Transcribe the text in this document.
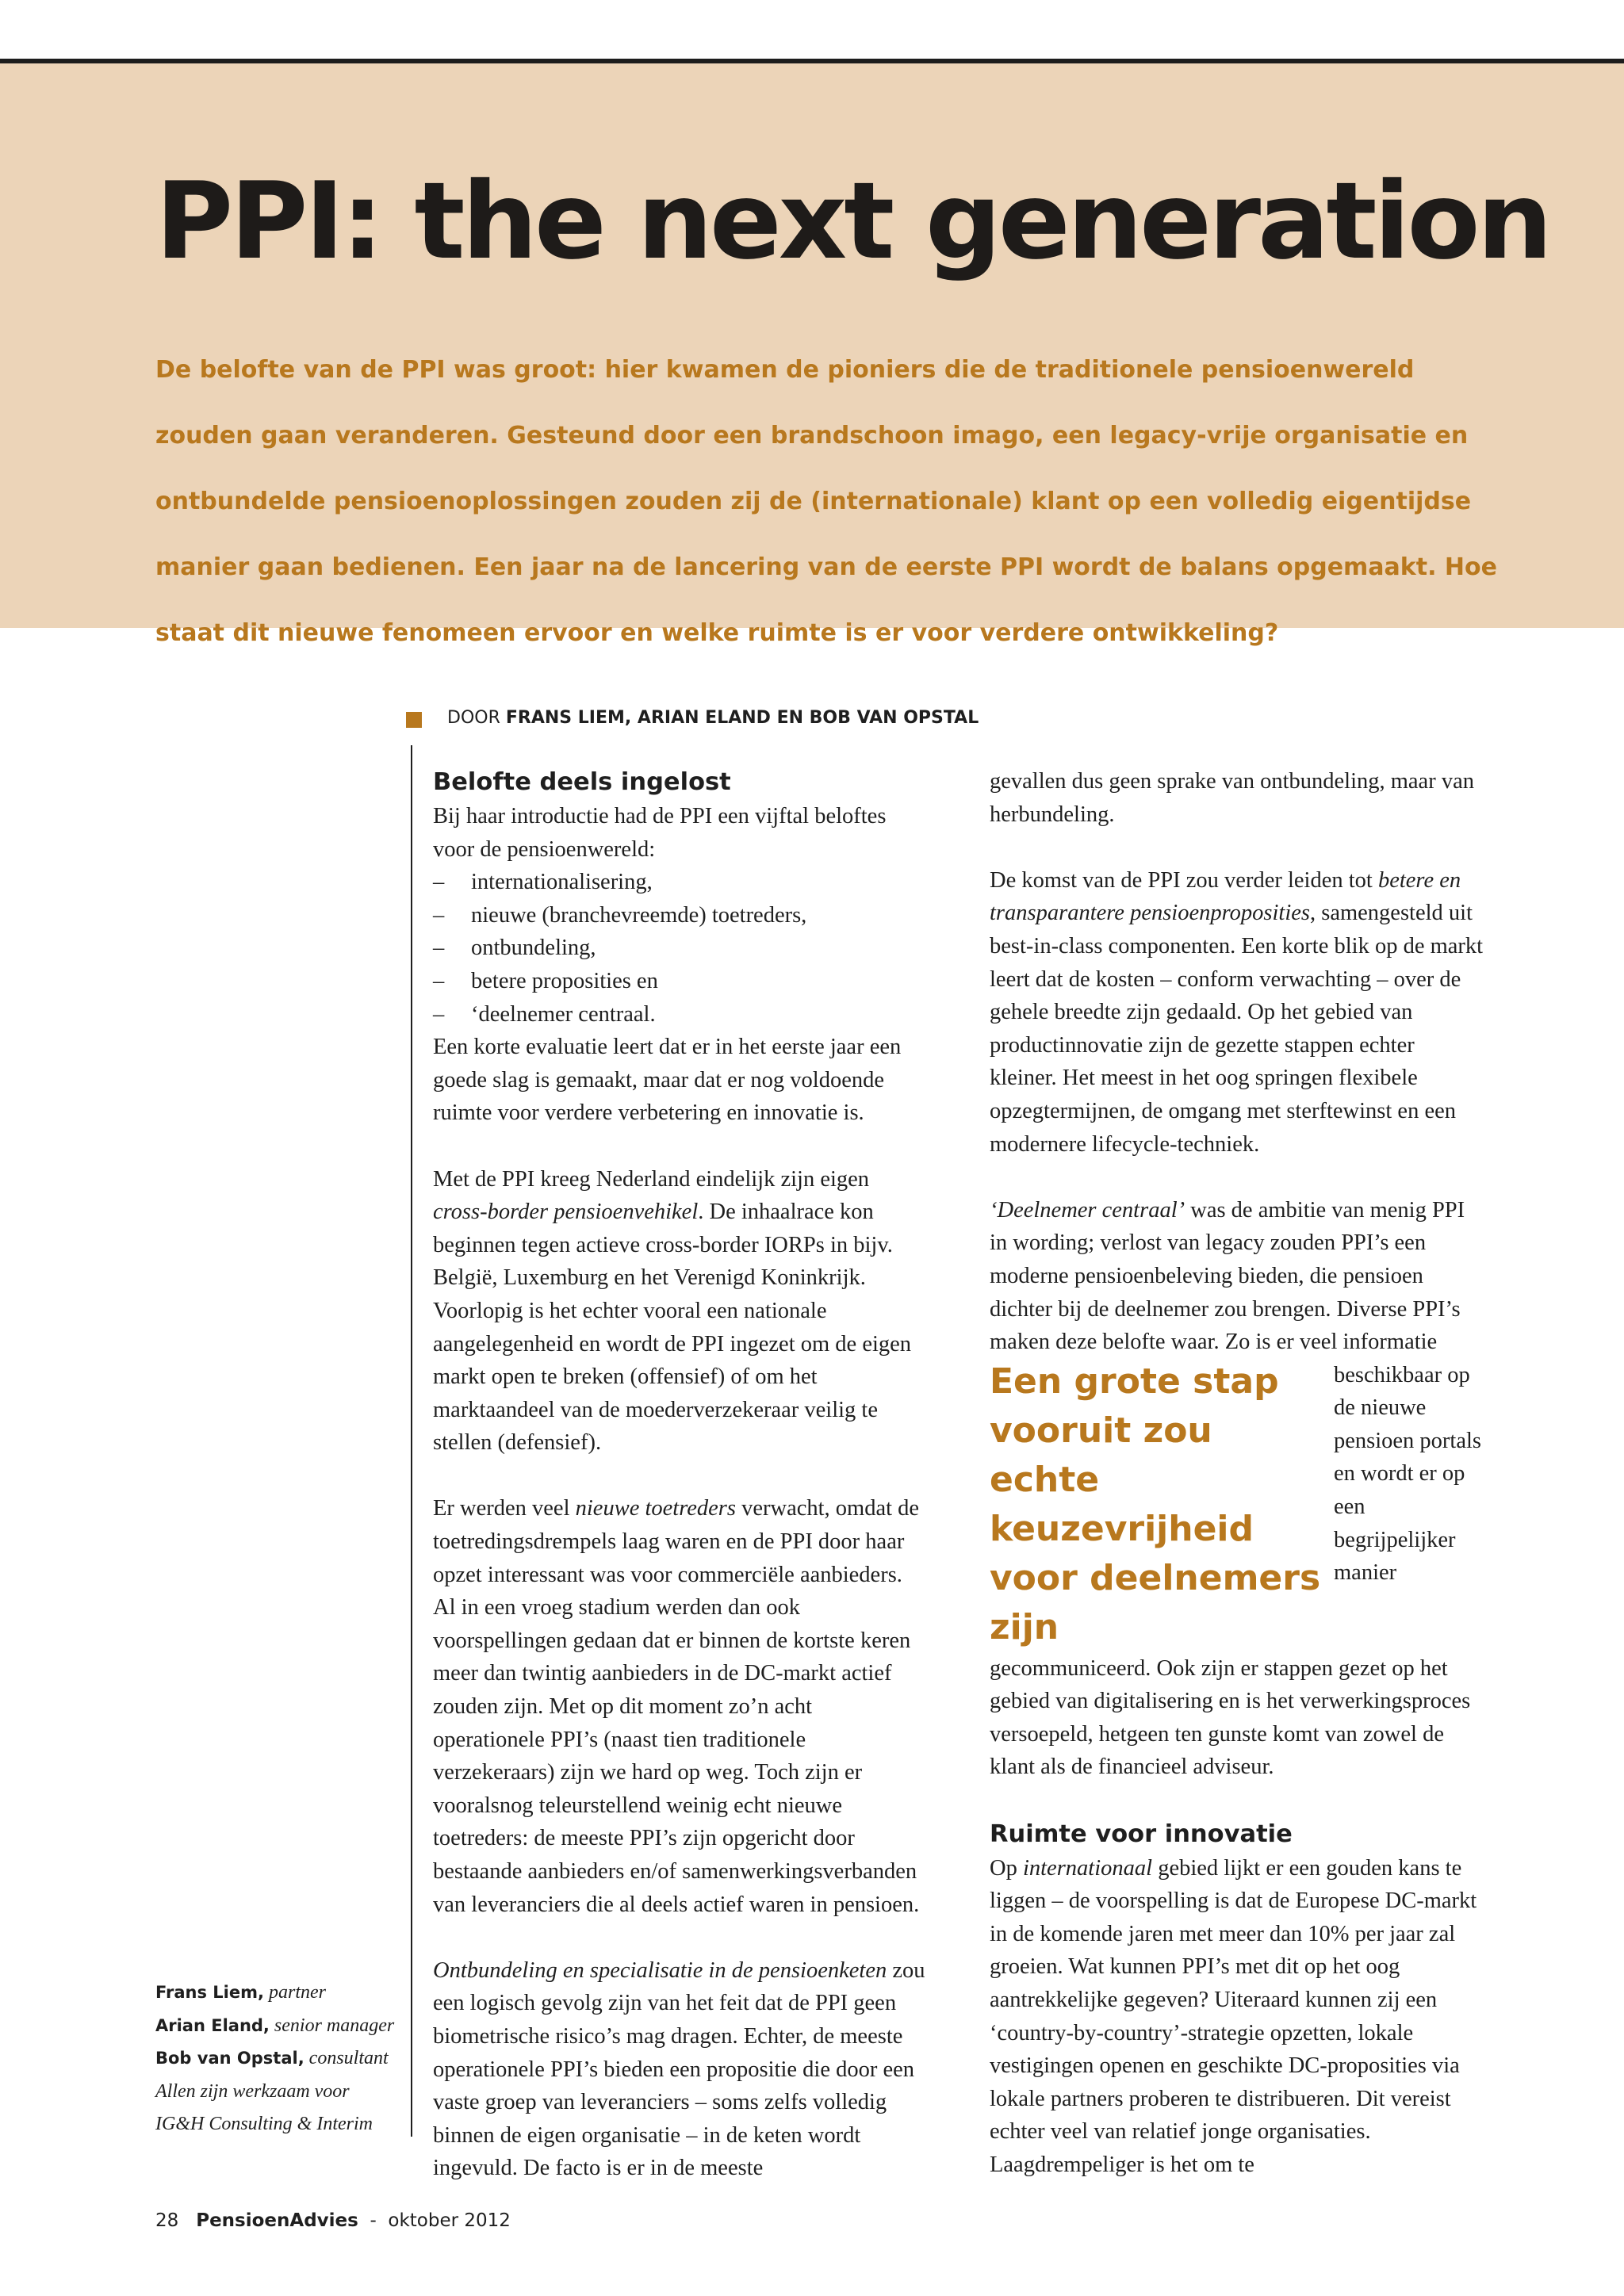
PPI: the next generation

De belofte van de PPI was groot: hier kwamen de pioniers die de traditionele pensioenwereld zouden gaan veranderen. Gesteund door een brandschoon imago, een legacy-vrije organisatie en ontbundelde pensioenoplossingen zouden zij de (internationale) klant op een volledig eigentijdse manier gaan bedienen. Een jaar na de lancering van de eerste PPI wordt de balans opgemaakt. Hoe staat dit nieuwe fenomeen ervoor en welke ruimte is er voor verdere ontwikkeling?

DOOR FRANS LIEM, ARIAN ELAND EN BOB VAN OPSTAL

Belofte deels ingelost

Bij haar introductie had de PPI een vijftal beloftes voor de pensioenwereld:

– internationalisering,
– nieuwe (branchevreemde) toetreders,
– ontbundeling,
– betere proposities en
– ‘deelnemer centraal.

Een korte evaluatie leert dat er in het eerste jaar een goede slag is gemaakt, maar dat er nog voldoende ruimte voor verdere verbetering en innovatie is.

Met de PPI kreeg Nederland eindelijk zijn eigen cross-border pensioenvehikel. De inhaalrace kon beginnen tegen actieve cross-border IORPs in bijv. België, Luxemburg en het Verenigd Koninkrijk. Voorlopig is het echter vooral een nationale aangelegenheid en wordt de PPI ingezet om de eigen markt open te breken (offensief) of om het marktaandeel van de moederverzekeraar veilig te stellen (defensief).

Er werden veel nieuwe toetreders verwacht, omdat de toetredingsdrempels laag waren en de PPI door haar opzet interessant was voor commerciële aanbieders. Al in een vroeg stadium werden dan ook voorspellingen gedaan dat er binnen de kortste keren meer dan twintig aanbieders in de DC-markt actief zouden zijn. Met op dit moment zo’n acht operationele PPI’s (naast tien traditionele verzekeraars) zijn we hard op weg. Toch zijn er vooralsnog teleurstellend weinig echt nieuwe toetreders: de meeste PPI’s zijn opgericht door bestaande aanbieders en/of samenwerkingsverbanden van leveranciers die al deels actief waren in pensioen.

Ontbundeling en specialisatie in de pensioenketen zou een logisch gevolg zijn van het feit dat de PPI geen biometrische risico’s mag dragen. Echter, de meeste operationele PPI’s bieden een propositie die door een vaste groep van leveranciers – soms zelfs volledig binnen de eigen organisatie – in de keten wordt ingevuld. De facto is er in de meeste

gevallen dus geen sprake van ontbundeling, maar van herbundeling.

De komst van de PPI zou verder leiden tot betere en transparantere pensioenproposities, samengesteld uit best-in-class componenten. Een korte blik op de markt leert dat de kosten – conform verwachting – over de gehele breedte zijn gedaald. Op het gebied van productinnovatie zijn de gezette stappen echter kleiner. Het meest in het oog springen flexibele opzegtermijnen, de omgang met sterftewinst en een modernere lifecycle-techniek.

‘Deelnemer centraal’ was de ambitie van menig PPI in wording; verlost van legacy zouden PPI’s een moderne pensioenbeleving bieden, die pensioen dichter bij de deelnemer zou brengen. Diverse PPI’s maken deze belofte waar.
Een grote stap vooruit zou echte keuzevrijheid voor deelnemers zijn
Zo is er veel informatie beschikbaar op de nieuwe pensioen portals en wordt er op een begrijpelijker manier gecommuniceerd. Ook zijn er stappen gezet op het gebied van digitalisering en is het verwerkingsproces versoepeld, hetgeen ten gunste komt van zowel de klant als de financieel adviseur.

Ruimte voor innovatie

Op internationaal gebied lijkt er een gouden kans te liggen – de voorspelling is dat de Europese DC-markt in de komende jaren met meer dan 10% per jaar zal groeien. Wat kunnen PPI’s met dit op het oog aantrekkelijke gegeven? Uiteraard kunnen zij een ‘country-by-country’-strategie opzetten, lokale vestigingen openen en geschikte DC-proposities via lokale partners proberen te distribueren. Dit vereist echter veel van relatief jonge organisaties. Laagdrempeliger is het om te

Frans Liem, partner
Arian Eland, senior manager
Bob van Opstal, consultant
Allen zijn werkzaam voor
IG&H Consulting & Interim
28 PensioenAdvies - oktober 2012
